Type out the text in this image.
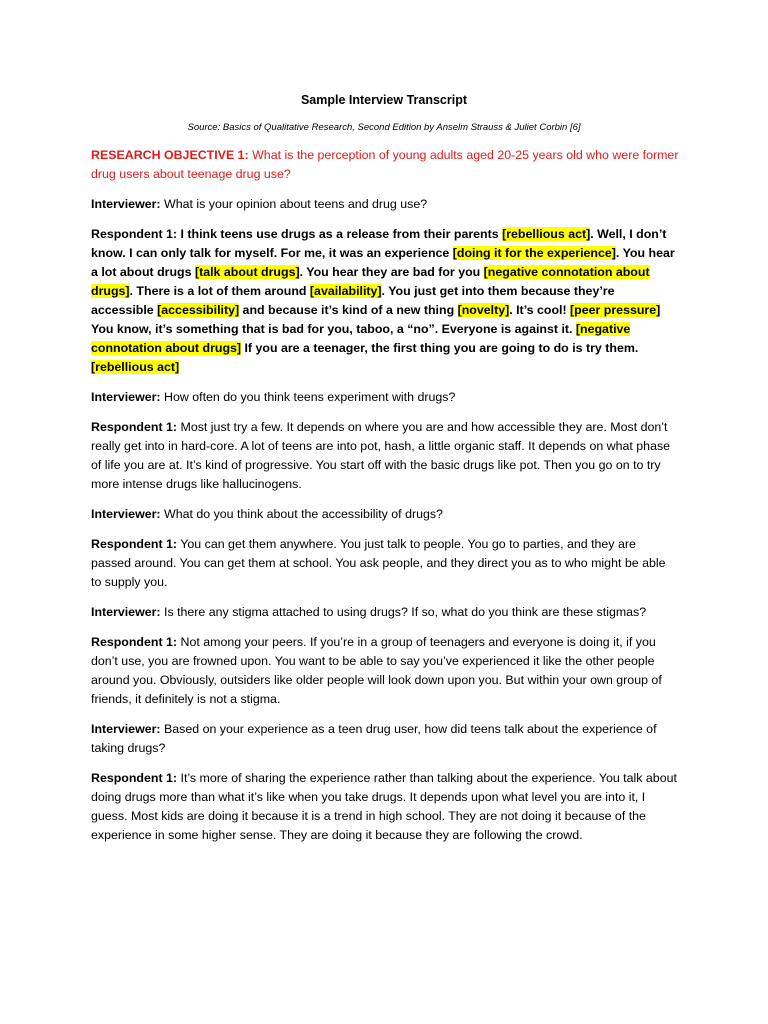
Sample Interview Transcript
Source: Basics of Qualitative Research, Second Edition by Anselm Strauss & Juliet Corbin [6]

RESEARCH OBJECTIVE 1: What is the perception of young adults aged 20-25 years old who were former drug users about teenage drug use?

Interviewer: What is your opinion about teens and drug use?

Respondent 1: I think teens use drugs as a release from their parents [rebellious act]. Well, I don’t know. I can only talk for myself. For me, it was an experience [doing it for the experience]. You hear a lot about drugs [talk about drugs]. You hear they are bad for you [negative connotation about drugs]. There is a lot of them around [availability]. You just get into them because they’re accessible [accessibility] and because it’s kind of a new thing [novelty]. It’s cool! [peer pressure] You know, it’s something that is bad for you, taboo, a “no”. Everyone is against it. [negative connotation about drugs] If you are a teenager, the first thing you are going to do is try them. [rebellious act]

Interviewer: How often do you think teens experiment with drugs?

Respondent 1: Most just try a few. It depends on where you are and how accessible they are. Most don’t really get into in hard-core. A lot of teens are into pot, hash, a little organic staff. It depends on what phase of life you are at. It’s kind of progressive. You start off with the basic drugs like pot. Then you go on to try more intense drugs like hallucinogens.

Interviewer: What do you think about the accessibility of drugs?

Respondent 1: You can get them anywhere. You just talk to people. You go to parties, and they are passed around. You can get them at school. You ask people, and they direct you as to who might be able to supply you.

Interviewer: Is there any stigma attached to using drugs? If so, what do you think are these stigmas?

Respondent 1: Not among your peers. If you’re in a group of teenagers and everyone is doing it, if you don’t use, you are frowned upon. You want to be able to say you’ve experienced it like the other people around you. Obviously, outsiders like older people will look down upon you. But within your own group of friends, it definitely is not a stigma.

Interviewer: Based on your experience as a teen drug user, how did teens talk about the experience of taking drugs?

Respondent 1: It’s more of sharing the experience rather than talking about the experience. You talk about doing drugs more than what it’s like when you take drugs. It depends upon what level you are into it, I guess. Most kids are doing it because it is a trend in high school. They are not doing it because of the experience in some higher sense. They are doing it because they are following the crowd.
